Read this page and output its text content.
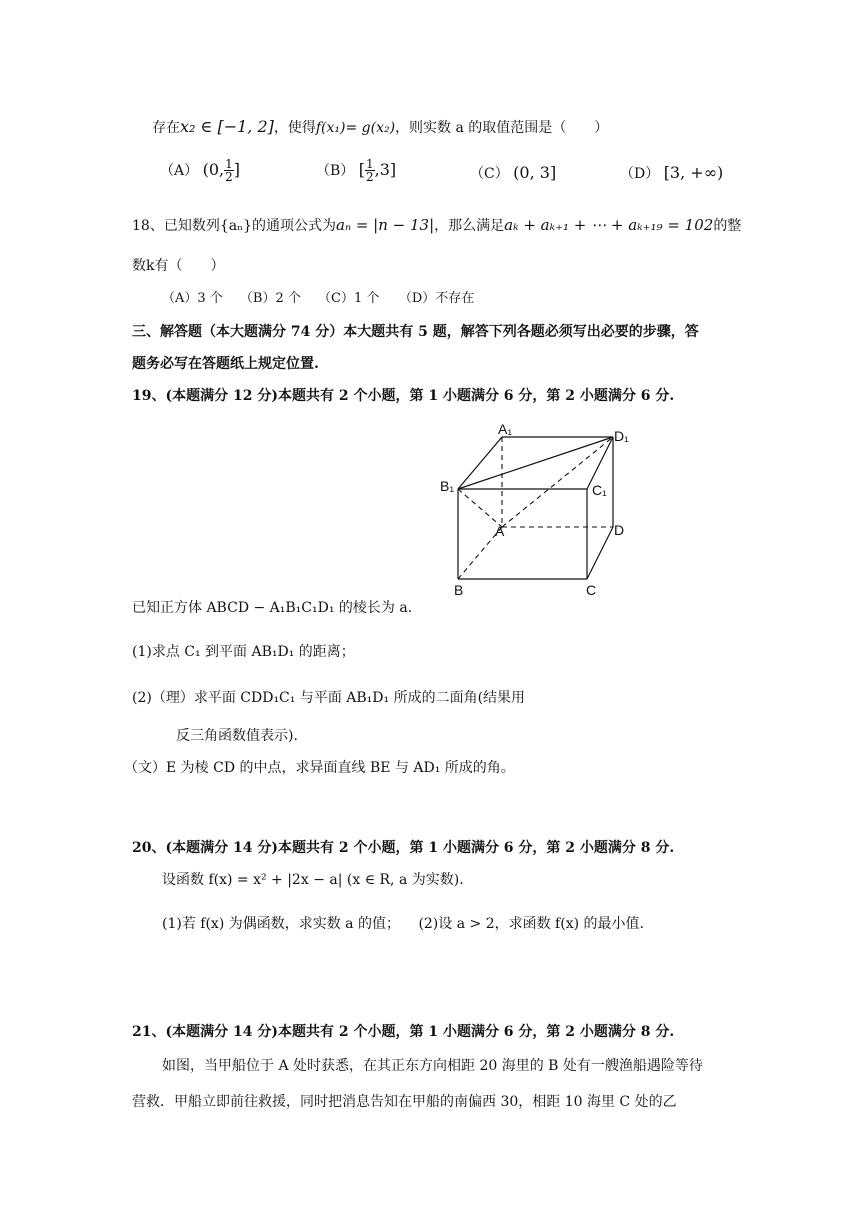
存在x₂ ∈ [−1, 2]，使得f(x₁)= g(x₂)，则实数 a 的取值范围是（　　）
（A） (0, $\frac{1}{2}$ ]	（B） [ $\frac{1}{2} ,3$]	（C） (0, 3]	（D） [3, +∞)
18、已知数列{aₙ}的通项公式为aₙ = |n − 13|，那么满足aₖ + aₖ₊₁ + ⋯ + aₖ₊₁₉ = 102的整
数k有（　　）
（A）3 个　 （B）2 个　 （C）1 个　　（D）不存在
三、解答题（本大题满分 74 分）本大题共有 5 题，解答下列各题必须写出必要的步骤，答
题务必写在答题纸上规定位置.
19、(本题满分 12 分)本题共有 2 个小题，第 1 小题满分 6 分，第 2 小题满分 6 分.
A₁	D₁
B₁	C₁
A	D
B	C
已知正方体 ABCD − A₁B₁C₁D₁ 的棱长为 a.
(1)求点 C₁ 到平面 AB₁D₁ 的距离；
(2)（理）求平面 CDD₁C₁ 与平面 AB₁D₁ 所成的二面角(结果用
反三角函数值表示).
（文）E 为棱 CD 的中点，求异面直线 BE 与 AD₁ 所成的角。
20、(本题满分 14 分)本题共有 2 个小题，第 1 小题满分 6 分，第 2 小题满分 8 分.
设函数 f(x) = x² + |2x − a| (x ∈ R, a 为实数).
(1)若 f(x) 为偶函数，求实数 a 的值； (2)设 a > 2，求函数 f(x) 的最小值.
21、(本题满分 14 分)本题共有 2 个小题，第 1 小题满分 6 分，第 2 小题满分 8 分.
如图，当甲船位于 A 处时获悉，在其正东方向相距 20 海里的 B 处有一艘渔船遇险等待
营救．甲船立即前往救援，同时把消息告知在甲船的南偏西 30，相距 10 海里 C 处的乙
